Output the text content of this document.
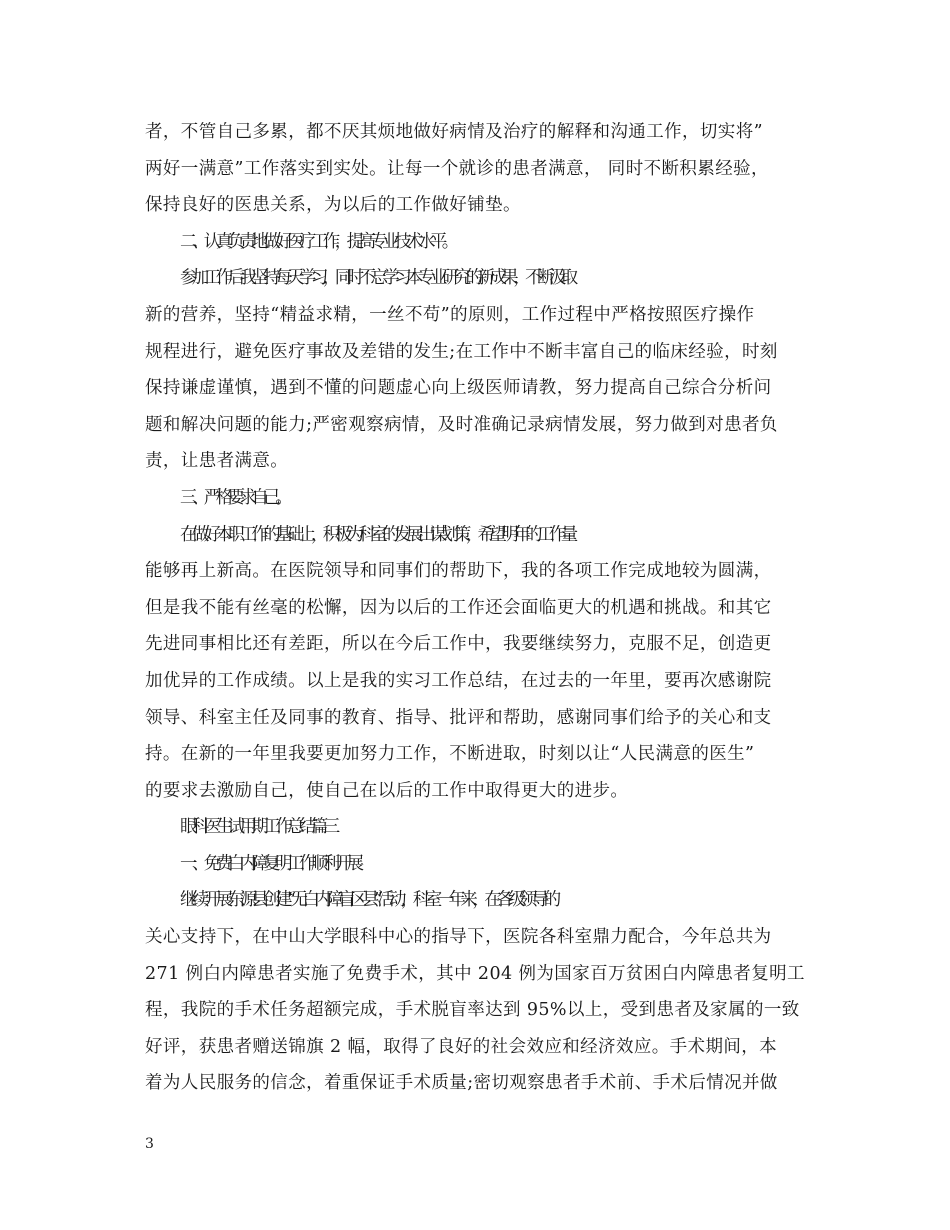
者，不管自己多累，都不厌其烦地做好病情及治疗的解释和沟通工作，切实将”
两好一满意”工作落实到实处。让每一个就诊的患者满意， 同时不断积累经验，
保持良好的医患关系，为以后的工作做好铺垫。
二、认真负责地做好医疗工作，提高专业技术水平。
参加工作后我坚持每天学习，同时不忘学习本专业研究的新成果，不断汲取
新的营养，坚持“精益求精，一丝不苟”的原则，工作过程中严格按照医疗操作
规程进行，避免医疗事故及差错的发生;在工作中不断丰富自己的临床经验，时刻
保持谦虚谨慎，遇到不懂的问题虚心向上级医师请教，努力提高自己综合分析问
题和解决问题的能力;严密观察病情，及时准确记录病情发展，努力做到对患者负
责，让患者满意。
三、严格要求自己。
在做好本职工作的基础上，积极为科室的发展出谋划策，希望明年的工作量
能够再上新高。在医院领导和同事们的帮助下，我的各项工作完成地较为圆满，
但是我不能有丝毫的松懈，因为以后的工作还会面临更大的机遇和挑战。和其它
先进同事相比还有差距，所以在今后工作中，我要继续努力，克服不足，创造更
加优异的工作成绩。以上是我的实习工作总结，在过去的一年里，要再次感谢院
领导、科室主任及同事的教育、指导、批评和帮助，感谢同事们给予的关心和支
持。在新的一年里我要更加努力工作，不断进取，时刻以让“人民满意的医生”
的要求去激励自己，使自己在以后的工作中取得更大的进步。
眼科医生试用期工作总结篇三
一、免费白内障复明工作顺利开展
继续开展东源县创建“无白内障盲区县”活动，科室一年来，在各级领导的
关心支持下，在中山大学眼科中心的指导下，医院各科室鼎力配合，今年总共为
271 例白内障患者实施了免费手术，其中 204 例为国家百万贫困白内障患者复明工
程，我院的手术任务超额完成，手术脱盲率达到 95%以上，受到患者及家属的一致
好评，获患者赠送锦旗 2 幅，取得了良好的社会效应和经济效应。手术期间，本
着为人民服务的信念，着重保证手术质量;密切观察患者手术前、手术后情况并做
3
